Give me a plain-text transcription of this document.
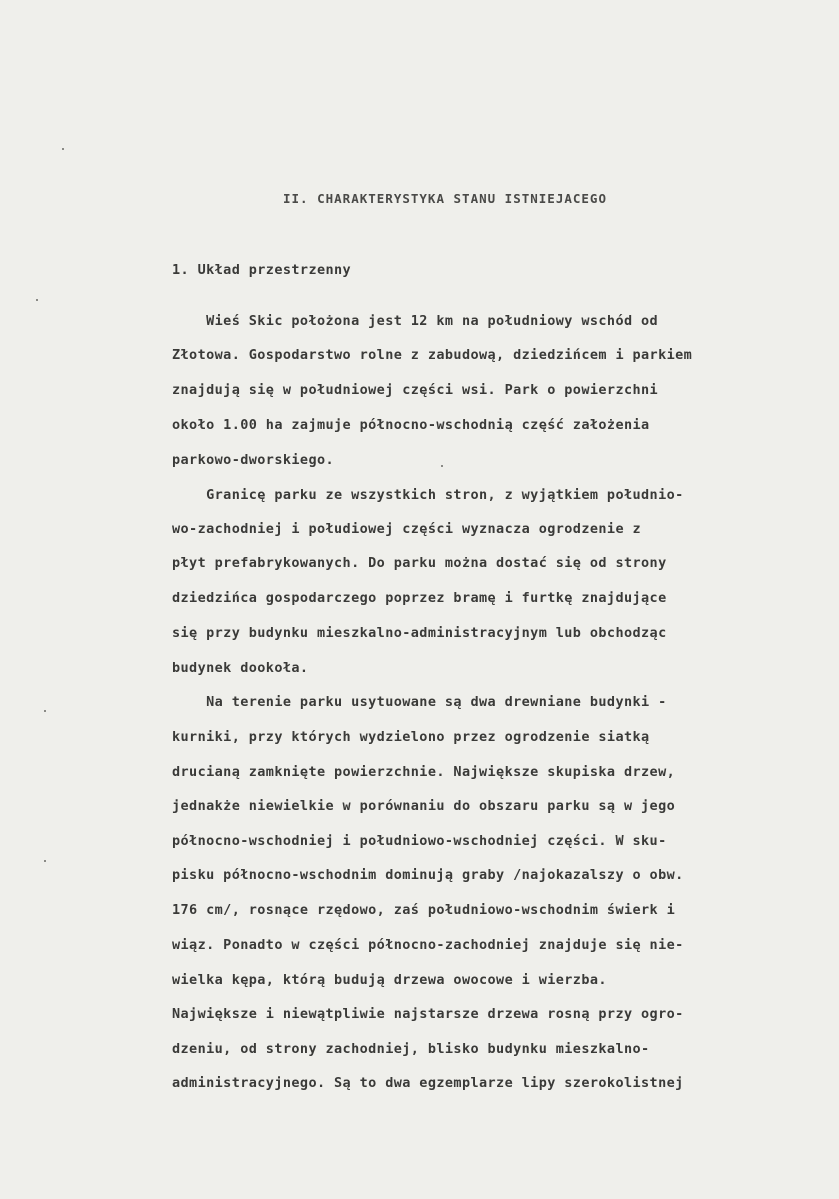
II. CHARAKTERYSTYKA STANU ISTNIEJACEGO
1. Układ przestrzenny
Wieś Skic położona jest 12 km na południowy wschód od
Złotowa. Gospodarstwo rolne z zabudową, dziedzińcem i parkiem
znajdują się w południowej części wsi. Park o powierzchni
około 1.00 ha zajmuje północno-wschodnią część założenia
parkowo-dworskiego.
Granicę parku ze wszystkich stron, z wyjątkiem południo-
wo-zachodniej i połudiowej części wyznacza ogrodzenie z
płyt prefabrykowanych. Do parku można dostać się od strony
dziedzińca gospodarczego poprzez bramę i furtkę znajdujące
się przy budynku mieszkalno-administracyjnym lub obchodząc
budynek dookoła.
Na terenie parku usytuowane są dwa drewniane budynki -
kurniki, przy których wydzielono przez ogrodzenie siatką
drucianą zamknięte powierzchnie. Największe skupiska drzew,
jednakże niewielkie w porównaniu do obszaru parku są w jego
północno-wschodniej i południowo-wschodniej części. W sku-
pisku północno-wschodnim dominują graby /najokazalszy o obw.
176 cm/, rosnące rzędowo, zaś południowo-wschodnim świerk i
wiąz. Ponadto w części północno-zachodniej znajduje się nie-
wielka kępa, którą budują drzewa owocowe i wierzba.
Największe i niewątpliwie najstarsze drzewa rosną przy ogro-
dzeniu, od strony zachodniej, blisko budynku mieszkalno-
administracyjnego. Są to dwa egzemplarze lipy szerokolistnej
